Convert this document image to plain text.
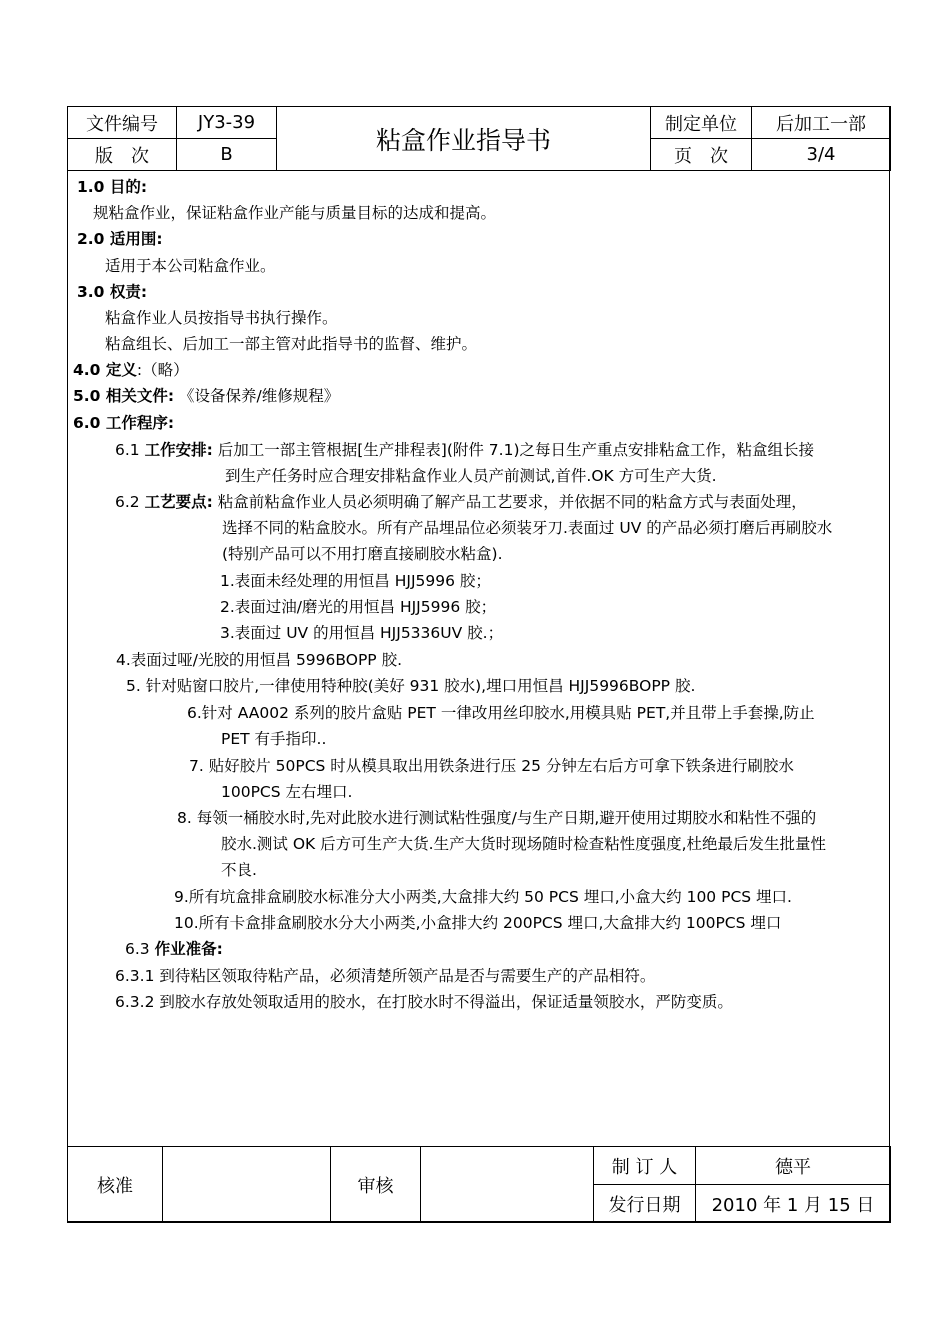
文件编号	JY3-39	粘盒作业指导书	制定单位	后加工一部
版　次	B		页　次	3/4
1.0 目的:
规粘盒作业，保证粘盒作业产能与质量目标的达成和提高。
2.0 适用围:
适用于本公司粘盒作业。
3.0 权责:
粘盒作业人员按指导书执行操作。
粘盒组长、后加工一部主管对此指导书的监督、维护。
4.0 定义:（略）
5.0 相关文件: 《设备保养/维修规程》
6.0 工作程序:
6.1 工作安排: 后加工一部主管根据[生产排程表](附件 7.1)之每日生产重点安排粘盒工作，粘盒组长接
到生产任务时应合理安排粘盒作业人员产前测试,首件.OK 方可生产大货.
6.2 工艺要点: 粘盒前粘盒作业人员必须明确了解产品工艺要求，并依据不同的粘盒方式与表面处理，
选择不同的粘盒胶水。所有产品埋品位必须装牙刀.表面过 UV 的产品必须打磨后再刷胶水
(特别产品可以不用打磨直接刷胶水粘盒).
1.表面未经处理的用恒昌 HJJ5996 胶；
2.表面过油/磨光的用恒昌 HJJ5996 胶；
3.表面过 UV 的用恒昌 HJJ5336UV 胶.；
4.表面过哑/光胶的用恒昌 5996BOPP 胶.
5. 针对贴窗口胶片,一律使用特种胶(美好 931 胶水),埋口用恒昌 HJJ5996BOPP 胶.
6.针对 AA002 系列的胶片盒贴 PET 一律改用丝印胶水,用模具贴 PET,并且带上手套操,防止
PET 有手指印..
7. 贴好胶片 50PCS 时从模具取出用铁条进行压 25 分钟左右后方可拿下铁条进行刷胶水
100PCS 左右埋口.
8. 每领一桶胶水时,先对此胶水进行测试粘性强度/与生产日期,避开使用过期胶水和粘性不强的
胶水.测试 OK 后方可生产大货.生产大货时现场随时检查粘性度强度,杜绝最后发生批量性
不良.
9.所有坑盒排盒刷胶水标准分大小两类,大盒排大约 50 PCS 埋口,小盒大约 100 PCS 埋口.
10.所有卡盒排盒刷胶水分大小两类,小盒排大约 200PCS 埋口,大盒排大约 100PCS 埋口
6.3 作业准备:
6.3.1 到待粘区领取待粘产品，必须清楚所领产品是否与需要生产的产品相符。
6.3.2 到胶水存放处领取适用的胶水，在打胶水时不得溢出，保证适量领胶水，严防变质。
核准		审核		制 订 人	德平
				发行日期	2010 年 1 月 15 日
